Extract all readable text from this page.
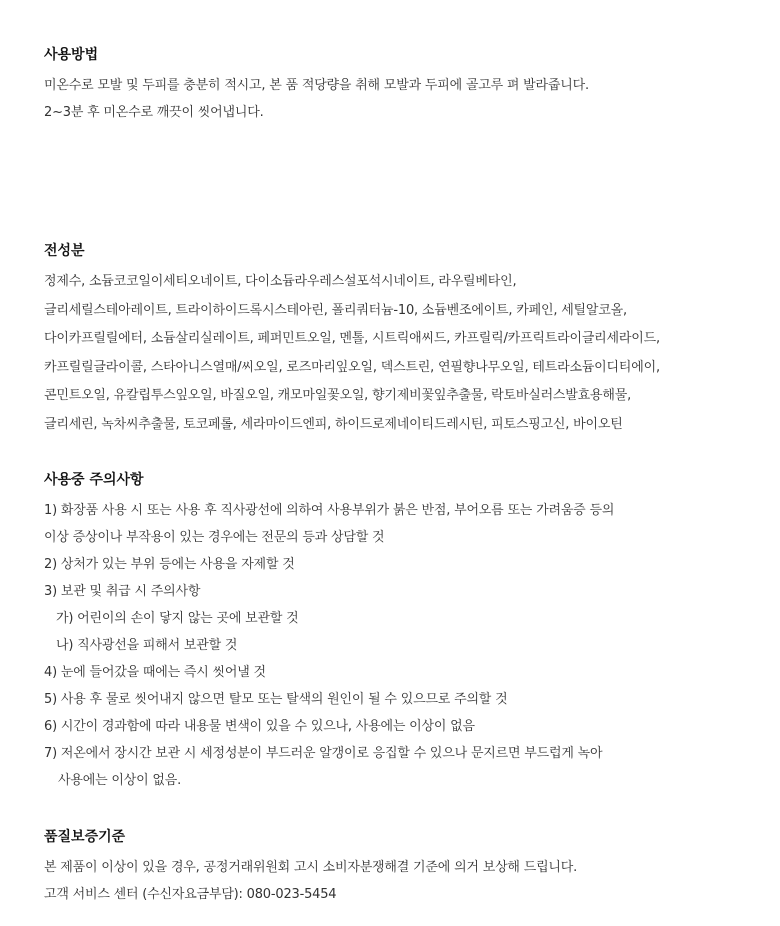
사용방법
미온수로 모발 및 두피를 충분히 적시고, 본 품 적당량을 취해 모발과 두피에 골고루 펴 발라줍니다.
2~3분 후 미온수로 깨끗이 씻어냅니다.
전성분
정제수, 소듐코코일이세티오네이트, 다이소듐라우레스설포석시네이트, 라우릴베타인,
글리세릴스테아레이트, 트라이하이드록시스테아린, 폴리쿼터늄-10, 소듐벤조에이트, 카페인, 세틸알코올,
다이카프릴릴에터, 소듐살리실레이트, 페퍼민트오일, 멘톨, 시트릭애씨드, 카프릴릭/카프릭트라이글리세라이드,
카프릴릴글라이콜, 스타아니스열매/씨오일, 로즈마리잎오일, 덱스트린, 연필향나무오일, 테트라소듐이디티에이,
콘민트오일, 유칼립투스잎오일, 바질오일, 캐모마일꽃오일, 향기제비꽃잎추출물, 락토바실러스발효용해물,
글리세린, 녹차씨추출물, 토코페롤, 세라마이드엔피, 하이드로제네이티드레시틴, 피토스핑고신, 바이오틴
사용중 주의사항
1) 화장품 사용 시 또는 사용 후 직사광선에 의하여 사용부위가 붉은 반점, 부어오름 또는 가려움증 등의
이상 증상이나 부작용이 있는 경우에는 전문의 등과 상담할 것
2) 상처가 있는 부위 등에는 사용을 자제할 것
3) 보관 및 취급 시 주의사항
가) 어린이의 손이 닿지 않는 곳에 보관할 것
나) 직사광선을 피해서 보관할 것
4) 눈에 들어갔을 때에는 즉시 씻어낼 것
5) 사용 후 물로 씻어내지 않으면 탈모 또는 탈색의 원인이 될 수 있으므로 주의할 것
6) 시간이 경과함에 따라 내용물 변색이 있을 수 있으나, 사용에는 이상이 없음
7) 저온에서 장시간 보관 시 세정성분이 부드러운 알갱이로 응집할 수 있으나 문지르면 부드럽게 녹아
사용에는 이상이 없음.
품질보증기준
본 제품이 이상이 있을 경우, 공정거래위원회 고시 소비자분쟁해결 기준에 의거 보상해 드립니다.
고객 서비스 센터 (수신자요금부담): 080-023-5454
